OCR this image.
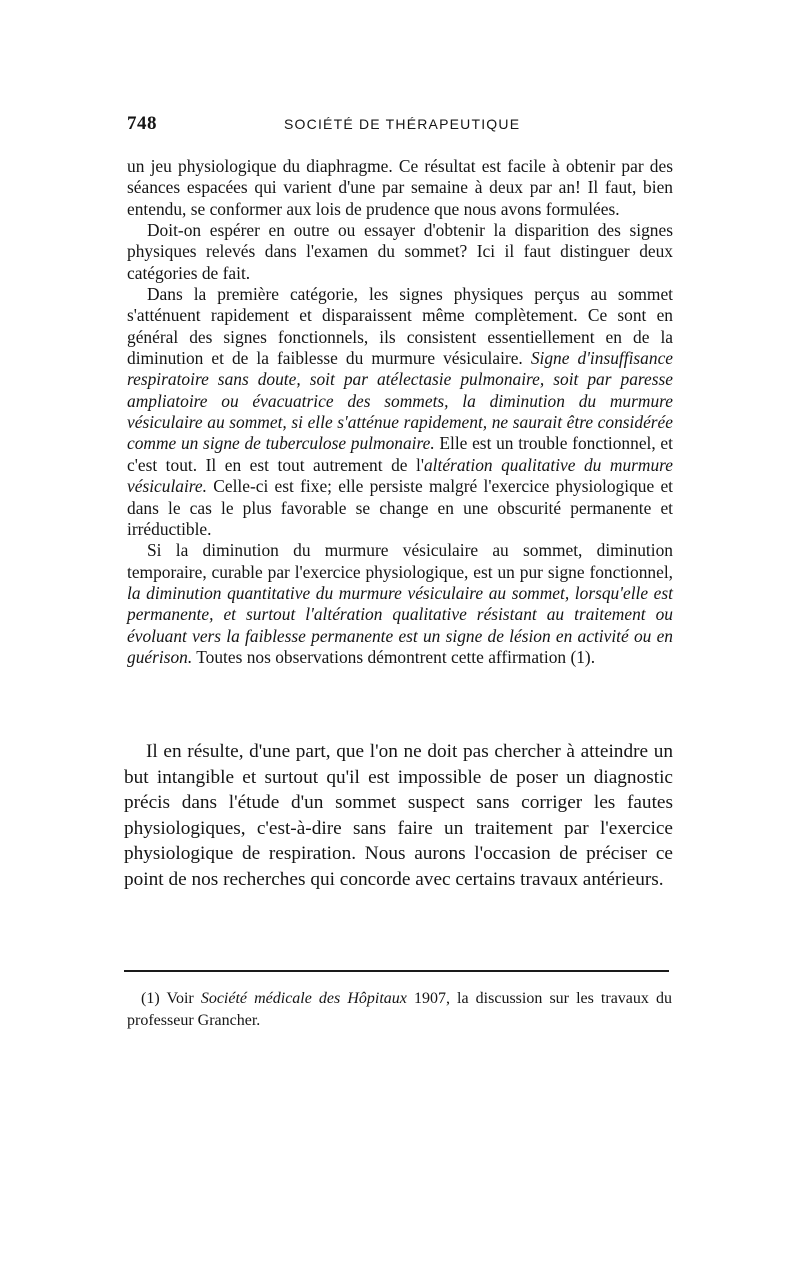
748	SOCIÉTÉ DE THÉRAPEUTIQUE

un jeu physiologique du diaphragme. Ce résultat est facile à obtenir par des séances espacées qui varient d'une par semaine à deux par an! Il faut, bien entendu, se conformer aux lois de prudence que nous avons formulées.

Doit-on espérer en outre ou essayer d'obtenir la disparition des signes physiques relevés dans l'examen du sommet? Ici il faut distinguer deux catégories de fait.

Dans la première catégorie, les signes physiques perçus au sommet s'atténuent rapidement et disparaissent même complètement. Ce sont en général des signes fonctionnels, ils consistent essentiellement en de la diminution et de la faiblesse du murmure vésiculaire. Signe d'insuffisance respiratoire sans doute, soit par atélectasie pulmonaire, soit par paresse ampliatoire ou évacuatrice des sommets, la diminution du murmure vésiculaire au sommet, si elle s'atténue rapidement, ne saurait être considérée comme un signe de tuberculose pulmonaire. Elle est un trouble fonctionnel, et c'est tout. Il en est tout autrement de l'altération qualitative du murmure vésiculaire. Celle-ci est fixe; elle persiste malgré l'exercice physiologique et dans le cas le plus favorable se change en une obscurité permanente et irréductible.

Si la diminution du murmure vésiculaire au sommet, diminution temporaire, curable par l'exercice physiologique, est un pur signe fonctionnel, la diminution quantitative du murmure vésiculaire au sommet, lorsqu'elle est permanente, et surtout l'altération qualitative résistant au traitement ou évoluant vers la faiblesse permanente est un signe de lésion en activité ou en guérison. Toutes nos observations démontrent cette affirmation (1).

Il en résulte, d'une part, que l'on ne doit pas chercher à atteindre un but intangible et surtout qu'il est impossible de poser un diagnostic précis dans l'étude d'un sommet suspect sans corriger les fautes physiologiques, c'est-à-dire sans faire un traitement par l'exercice physiologique de respiration. Nous aurons l'occasion de préciser ce point de nos recherches qui concorde avec certains travaux antérieurs.

(1) Voir Société médicale des Hôpitaux 1907, la discussion sur les travaux du professeur Grancher.
